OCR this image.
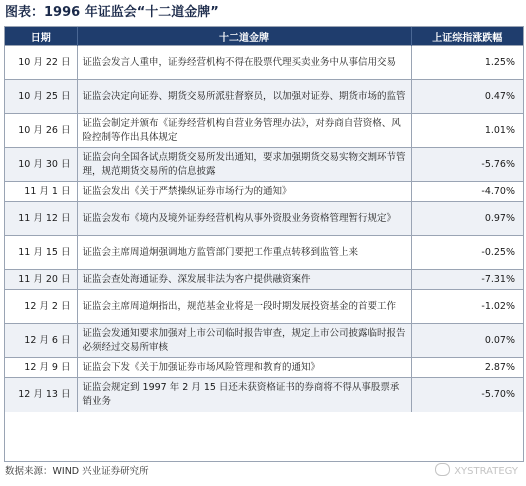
图表：1996 年证监会“十二道金牌”
日期	十二道金牌	上证综指涨跌幅
10 月 22 日	证监会发言人重申，证券经营机构不得在股票代理买卖业务中从事信用交易	1.25%
10 月 25 日	证监会决定向证券、期货交易所派驻督察员，以加强对证券、期货市场的监管	0.47%
10 月 26 日	证监会制定并颁布《证券经营机构自营业务管理办法》，对券商自营资格、风险控制等作出具体规定	1.01%
10 月 30 日	证监会向全国各试点期货交易所发出通知，要求加强期货交易实物交割环节管理，规范期货交易所的信息披露	-5.76%
11 月 1 日	证监会发出《关于严禁操纵证券市场行为的通知》	-4.70%
11 月 12 日	证监会发布《境内及境外证券经营机构从事外资股业务资格管理暂行规定》	0.97%
11 月 15 日	证监会主席周道炯强调地方监管部门要把工作重点转移到监管上来	-0.25%
11 月 20 日	证监会查处海通证券、深发展非法为客户提供融资案件	-7.31%
12 月 2 日	证监会主席周道炯指出，规范基金业将是一段时期发展投资基金的首要工作	-1.02%
12 月 6 日	证监会发通知要求加强对上市公司临时报告审查，规定上市公司披露临时报告必须经过交易所审核	0.07%
12 月 9 日	证监会下发《关于加强证券市场风险管理和教育的通知》	2.87%
12 月 13 日	证监会规定到 1997 年 2 月 15 日还未获资格证书的券商将不得从事股票承销业务	-5.70%
数据来源：WIND 兴业证券研究所	XYSTRATEGY
